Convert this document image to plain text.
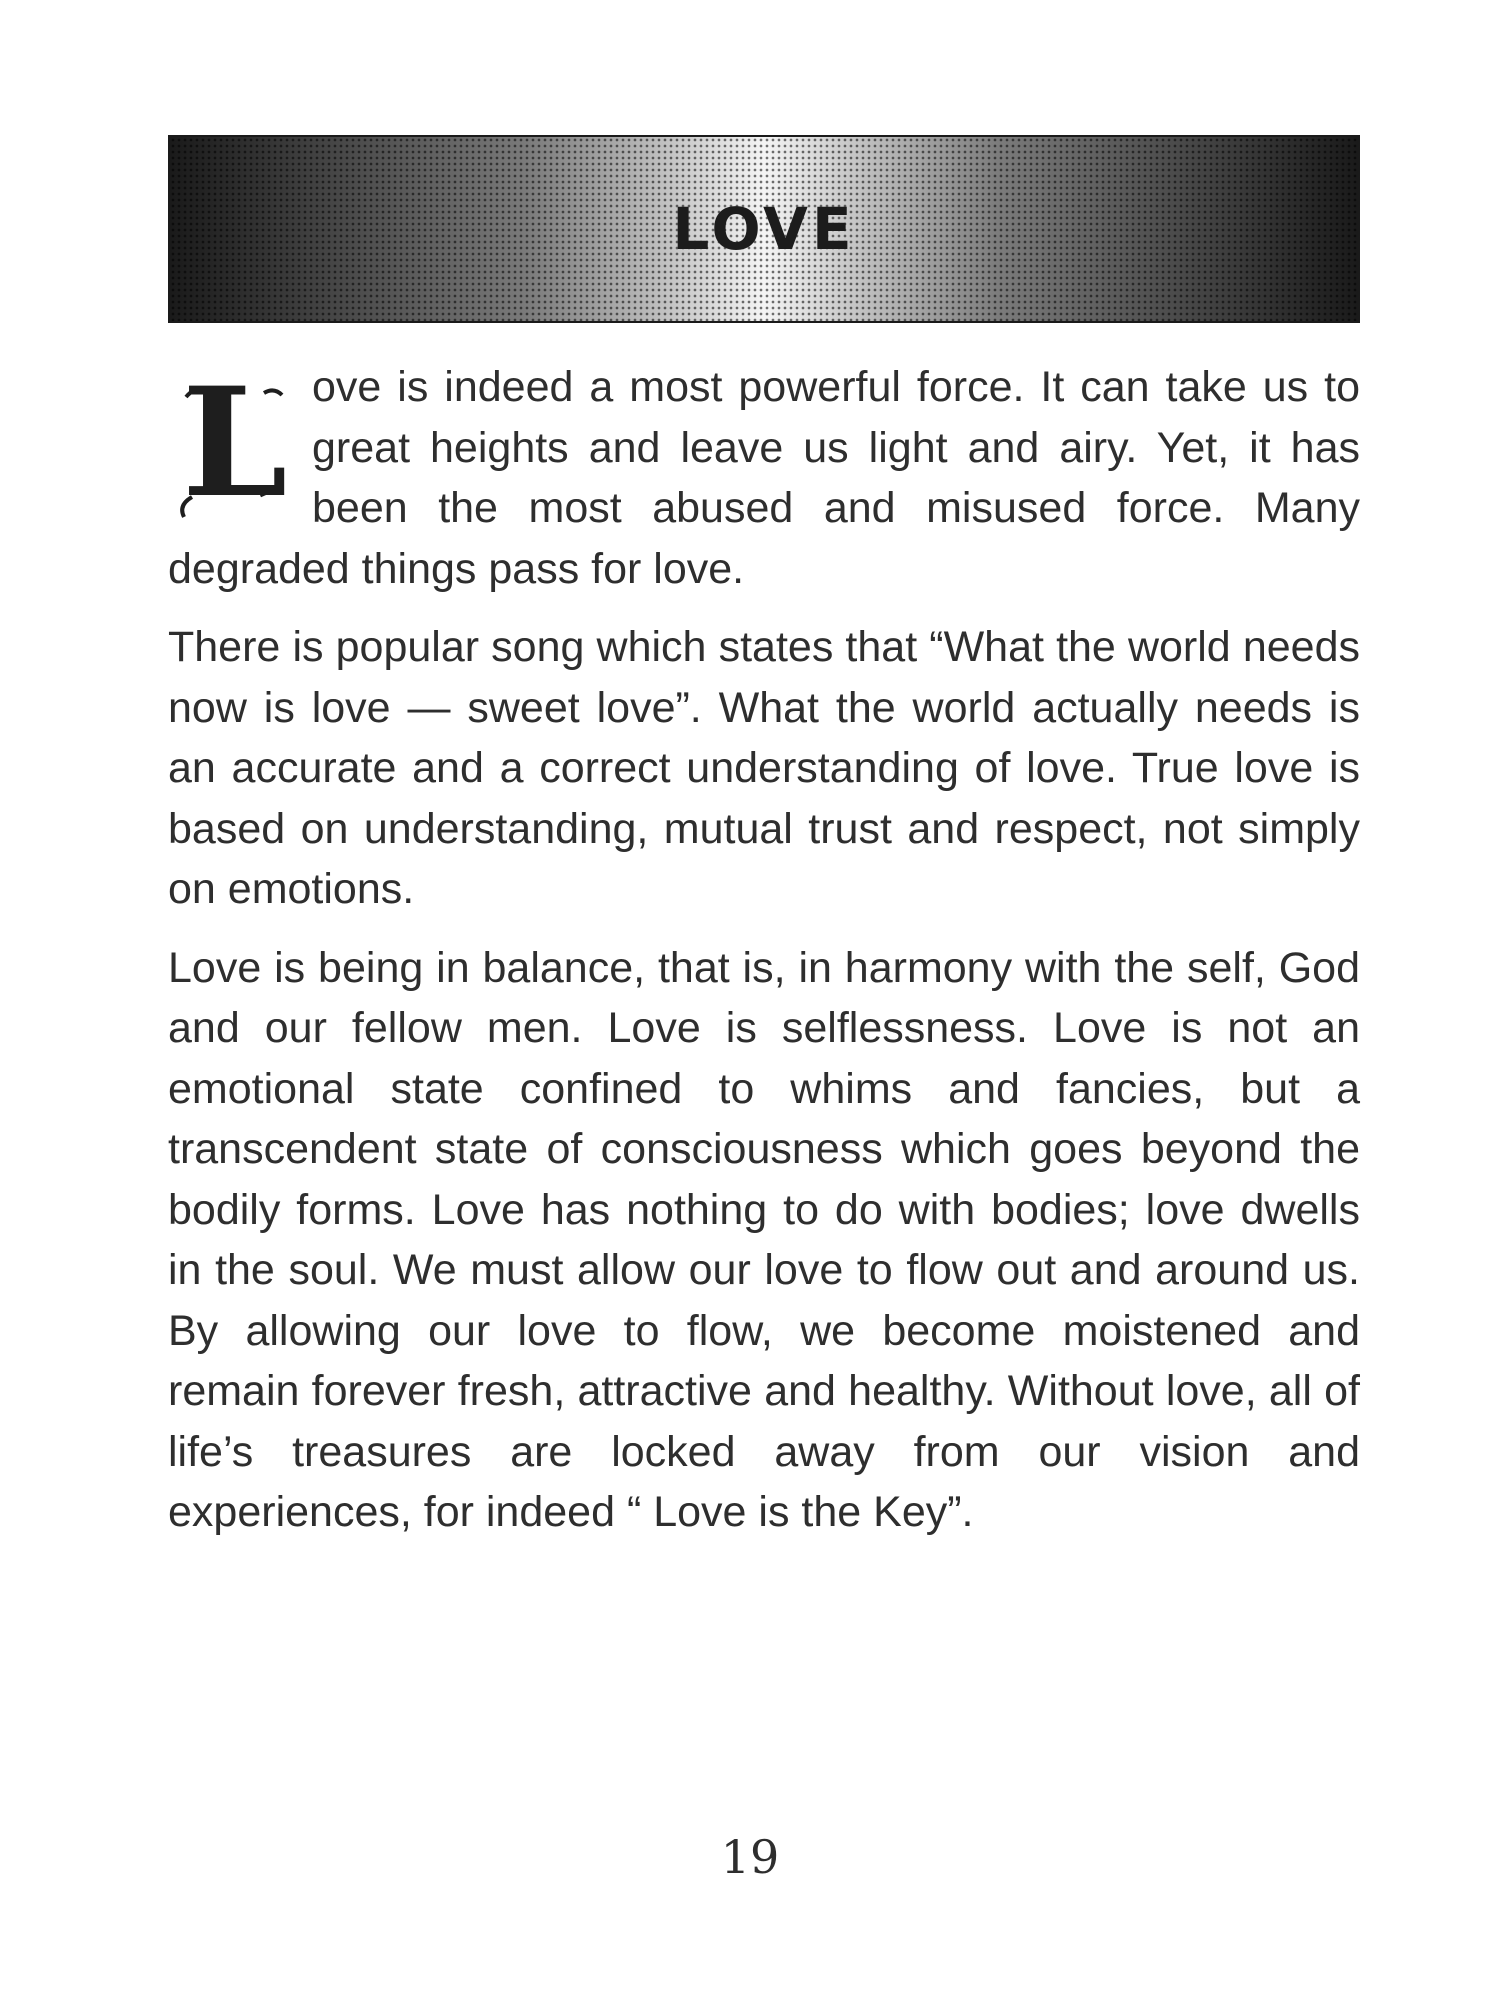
LOVE
L ove is indeed a most powerful force. It can take us to great heights and leave us light and airy. Yet, it has been the most abused and misused force. Many degraded things pass for love.

There is popular song which states that “What the world needs now is love — sweet love”. What the world actually needs is an accurate and a correct understanding of love. True love is based on understanding, mutual trust and respect, not simply on emotions.

Love is being in balance, that is, in harmony with the self, God and our fellow men. Love is selflessness. Love is not an emotional state confined to whims and fancies, but a transcendent state of consciousness which goes beyond the bodily forms. Love has nothing to do with bodies; love dwells in the soul. We must allow our love to flow out and around us. By allowing our love to flow, we become moistened and remain forever fresh, attractive and healthy. Without love, all of life’s treasures are locked away from our vision and experiences, for indeed “ Love is the Key”.

19
